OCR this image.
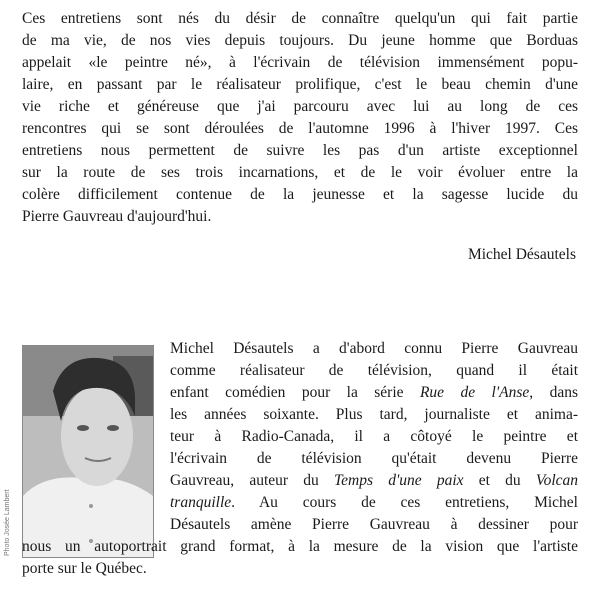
Ces entretiens sont nés du désir de connaître quelqu'un qui fait partie
de ma vie, de nos vies depuis toujours. Du jeune homme que Borduas
appelait «le peintre né», à l'écrivain de télévision immensément popu-
laire, en passant par le réalisateur prolifique, c'est le beau chemin d'une
vie riche et généreuse que j'ai parcouru avec lui au long de ces
rencontres qui se sont déroulées de l'automne 1996 à l'hiver 1997. Ces
entretiens nous permettent de suivre les pas d'un artiste exceptionnel
sur la route de ses trois incarnations, et de le voir évoluer entre la
colère difficilement contenue de la jeunesse et la sagesse lucide du
Pierre Gauvreau d'aujourd'hui.
Michel Désautels
Photo Josée Lambert
Michel Désautels a d'abord connu Pierre Gauvreau
comme réalisateur de télévision, quand il était
enfant comédien pour la série Rue de l'Anse, dans
les années soixante. Plus tard, journaliste et anima-
teur à Radio-Canada, il a côtoyé le peintre et
l'écrivain de télévision qu'était devenu Pierre
Gauvreau, auteur du Temps d'une paix et du Volcan
tranquille. Au cours de ces entretiens, Michel
Désautels amène Pierre Gauvreau à dessiner pour
nous un autoportrait grand format, à la mesure de la vision que l'artiste
porte sur le Québec.
